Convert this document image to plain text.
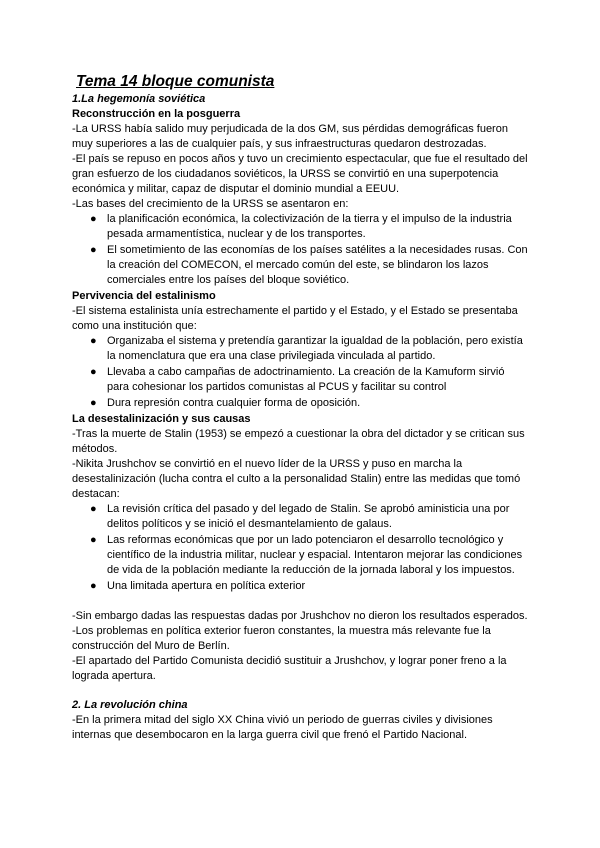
Tema 14 bloque comunista
1.La hegemonía soviética
Reconstrucción en la posguerra

-La URSS había salido muy perjudicada de la dos GM, sus pérdidas demográficas fueron muy superiores a las de cualquier país, y sus infraestructuras quedaron destrozadas.

-El país se repuso en pocos años y tuvo un crecimiento espectacular, que fue el resultado del gran esfuerzo de los ciudadanos soviéticos, la URSS se convirtió en una superpotencia económica y militar, capaz de disputar el dominio mundial a EEUU.

-Las bases del crecimiento de la URSS se asentaron en:

● la planificación económica, la colectivización de la tierra y el impulso de la industria pesada armamentística, nuclear y de los transportes.
● El sometimiento de las economías de los países satélites a la necesidades rusas. Con la creación del COMECON, el mercado común del este, se blindaron los lazos comerciales entre los países del bloque soviético.
Pervivencia del estalinismo

-El sistema estalinista unía estrechamente el partido y el Estado, y el Estado se presentaba como una institución que:

● Organizaba el sistema y pretendía garantizar la igualdad de la población, pero existía la nomenclatura que era una clase privilegiada vinculada al partido.
● Llevaba a cabo campañas de adoctrinamiento. La creación de la Kamuform sirvió para cohesionar los partidos comunistas al PCUS y facilitar su control
● Dura represión contra cualquier forma de oposición.
La desestalinización y sus causas

-Tras la muerte de Stalin (1953) se empezó a cuestionar la obra del dictador y se critican sus métodos.

-Nikita Jrushchov se convirtió en el nuevo líder de la URSS y puso en marcha la desestalinización (lucha contra el culto a la personalidad Stalin) entre las medidas que tomó destacan:

● La revisión crítica del pasado y del legado de Stalin. Se aprobó aministicia una por delitos políticos y se inició el desmantelamiento de galaus.
● Las reformas económicas que por un lado potenciaron el desarrollo tecnológico y científico de la industria militar, nuclear y espacial. Intentaron mejorar las condiciones de vida de la población mediante la reducción de la jornada laboral y los impuestos.
● Una limitada apertura en política exterior

-Sin embargo dadas las respuestas dadas por Jrushchov no dieron los resultados esperados.

-Los problemas en política exterior fueron constantes, la muestra más relevante fue la construcción del Muro de Berlín.

-El apartado del Partido Comunista decidió sustituir a Jrushchov, y lograr poner freno a la lograda apertura.

2. La revolución china

-En la primera mitad del siglo XX China vivió un periodo de guerras civiles y divisiones internas que desembocaron en la larga guerra civil que frenó el Partido Nacional.
